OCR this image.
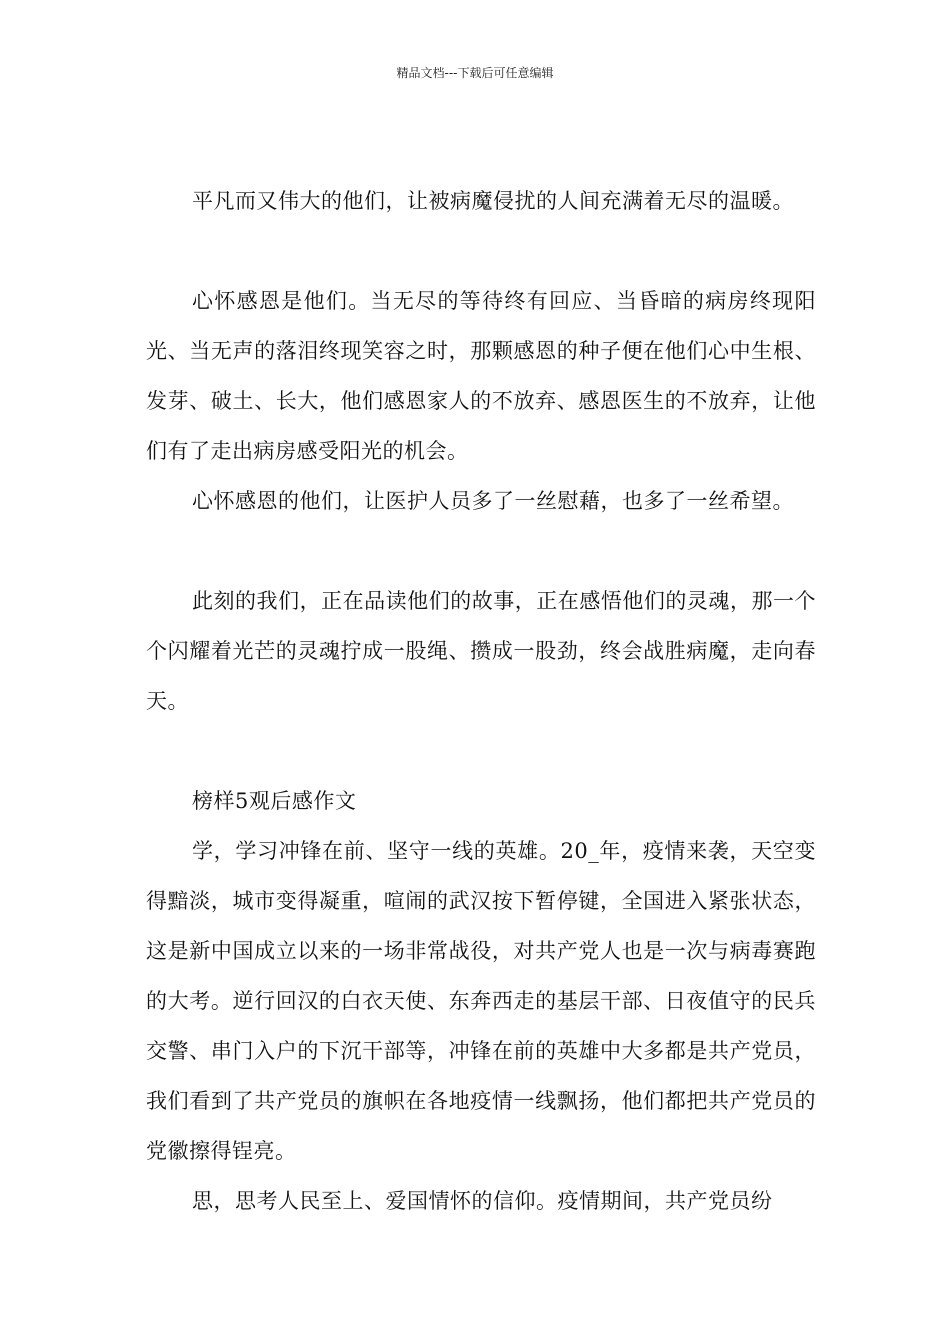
精品文档---下载后可任意编辑

平凡而又伟大的他们，让被病魔侵扰的人间充满着无尽的温暖。

心怀感恩是他们。当无尽的等待终有回应、当昏暗的病房终现阳光、当无声的落泪终现笑容之时，那颗感恩的种子便在他们心中生根、发芽、破土、长大，他们感恩家人的不放弃、感恩医生的不放弃，让他们有了走出病房感受阳光的机会。

心怀感恩的他们，让医护人员多了一丝慰藉，也多了一丝希望。

此刻的我们，正在品读他们的故事，正在感悟他们的灵魂，那一个个闪耀着光芒的灵魂拧成一股绳、攒成一股劲，终会战胜病魔，走向春天。

榜样5观后感作文

学，学习冲锋在前、坚守一线的英雄。20_年，疫情来袭，天空变得黯淡，城市变得凝重，喧闹的武汉按下暂停键，全国进入紧张状态，这是新中国成立以来的一场非常战役，对共产党人也是一次与病毒赛跑的大考。逆行回汉的白衣天使、东奔西走的基层干部、日夜值守的民兵交警、串门入户的下沉干部等，冲锋在前的英雄中大多都是共产党员，我们看到了共产党员的旗帜在各地疫情一线飘扬，他们都把共产党员的党徽擦得锃亮。

思，思考人民至上、爱国情怀的信仰。疫情期间，共产党员纷
